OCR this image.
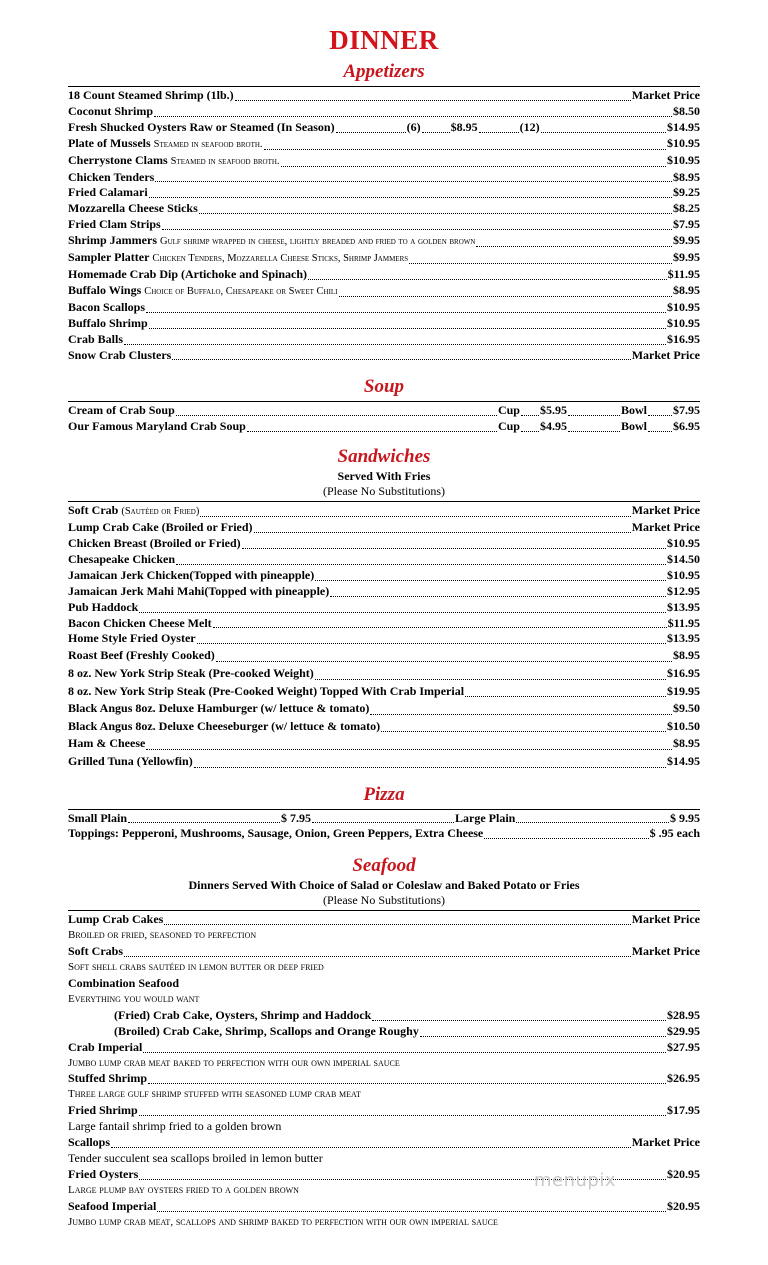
DINNER
Appetizers
18 Count Steamed Shrimp (1lb.)	Market Price
Coconut Shrimp	$8.50
Fresh Shucked Oysters Raw or Steamed (In Season)	(6)	$8.95	(12)	$14.95
Plate of Mussels Steamed in seafood broth.	$10.95
Cherrystone Clams Steamed in seafood broth.	$10.95
Chicken Tenders	$8.95
Fried Calamari	$9.25
Mozzarella Cheese Sticks	$8.25
Fried Clam Strips	$7.95
Shrimp Jammers Gulf shrimp wrapped in cheese, lightly breaded and fried to a golden brown	$9.95
Sampler Platter Chicken Tenders, Mozzarella Cheese Sticks, Shrimp Jammers	$9.95
Homemade Crab Dip (Artichoke and Spinach)	$11.95
Buffalo Wings Choice of Buffalo, Chesapeake or Sweet Chili	$8.95
Bacon Scallops	$10.95
Buffalo Shrimp	$10.95
Crab Balls	$16.95
Snow Crab Clusters	Market Price
Soup
Cream of Crab Soup	Cup $5.95	Bowl $7.95
Our Famous Maryland Crab Soup	Cup $4.95	Bowl $6.95
Sandwiches
Served With Fries
(Please No Substitutions)
Soft Crab (Sautéed or Fried)	Market Price
Lump Crab Cake (Broiled or Fried)	Market Price
Chicken Breast (Broiled or Fried)	$10.95
Chesapeake Chicken	$14.50
Jamaican Jerk Chicken(Topped with pineapple)	$10.95
Jamaican Jerk Mahi Mahi(Topped with pineapple)	$12.95
Pub Haddock	$13.95
Bacon Chicken Cheese Melt	$11.95
Home Style Fried Oyster	$13.95
Roast Beef (Freshly Cooked)	$8.95
8 oz. New York Strip Steak (Pre-cooked Weight)	$16.95
8 oz. New York Strip Steak (Pre-Cooked Weight) Topped With Crab Imperial	$19.95
Black Angus 8oz. Deluxe Hamburger (w/ lettuce & tomato)	$9.50
Black Angus 8oz. Deluxe Cheeseburger (w/ lettuce & tomato)	$10.50
Ham & Cheese	$8.95
Grilled Tuna (Yellowfin)	$14.95
Pizza
Small Plain	$ 7.95	Large Plain	$ 9.95
Toppings: Pepperoni, Mushrooms, Sausage, Onion, Green Peppers, Extra Cheese	$ .95 each
Seafood
Dinners Served With Choice of Salad or Coleslaw and Baked Potato or Fries
(Please No Substitutions)
Lump Crab Cakes	Market Price
Broiled or fried, seasoned to perfection
Soft Crabs	Market Price
Soft shell crabs sautéed in lemon butter or deep fried
Combination Seafood
Everything you would want
(Fried) Crab Cake, Oysters, Shrimp and Haddock	$28.95
(Broiled) Crab Cake, Shrimp, Scallops and Orange Roughy	$29.95
Crab Imperial	$27.95
Jumbo lump crab meat baked to perfection with our own imperial sauce
Stuffed Shrimp	$26.95
Three large gulf shrimp stuffed with seasoned lump crab meat
Fried Shrimp	$17.95
Large fantail shrimp fried to a golden brown
Scallops	Market Price
Tender succulent sea scallops broiled in lemon butter
Fried Oysters	$20.95
Large plump bay oysters fried to a golden brown
Seafood Imperial	$20.95
Jumbo lump crab meat, scallops and shrimp baked to perfection with our own imperial sauce
menupix
